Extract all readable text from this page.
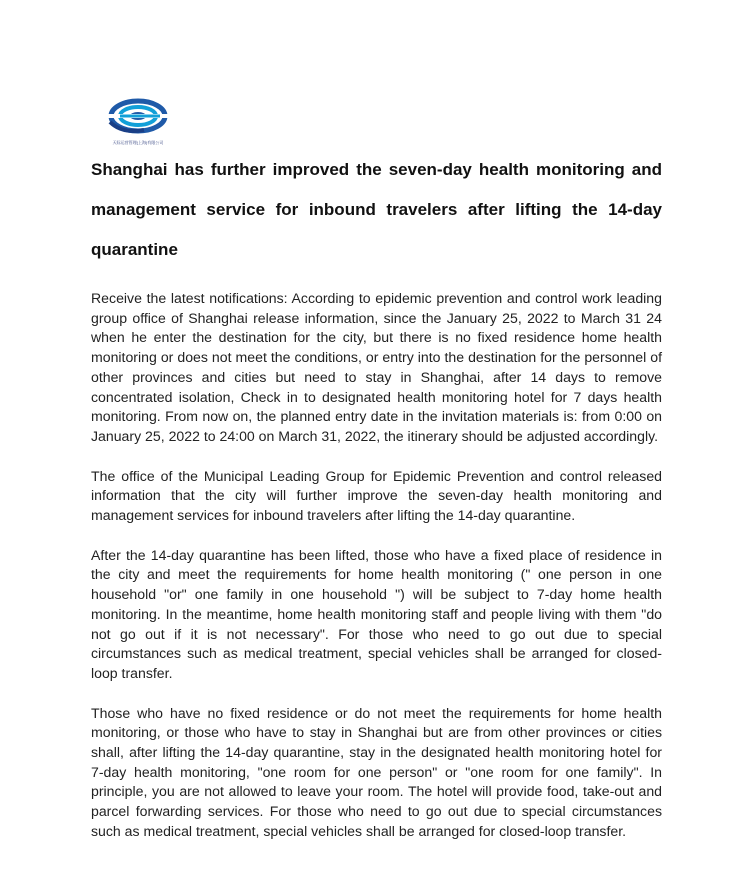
天际运营管理(上海)有限公司
Shanghai has further improved the seven-day health monitoring and management service for inbound travelers after lifting the 14-day quarantine

Receive the latest notifications: According to epidemic prevention and control work leading group office of Shanghai release information, since the January 25, 2022 to March 31 24 when he enter the destination for the city, but there is no fixed residence home health monitoring or does not meet the conditions, or entry into the destination for the personnel of other provinces and cities but need to stay in Shanghai, after 14 days to remove concentrated isolation, Check in to designated health monitoring hotel for 7 days health monitoring. From now on, the planned entry date in the invitation materials is: from 0:00 on January 25, 2022 to 24:00 on March 31, 2022, the itinerary should be adjusted accordingly.

The office of the Municipal Leading Group for Epidemic Prevention and control released information that the city will further improve the seven-day health monitoring and management services for inbound travelers after lifting the 14-day quarantine.

After the 14-day quarantine has been lifted, those who have a fixed place of residence in the city and meet the requirements for home health monitoring (" one person in one household "or" one family in one household ") will be subject to 7-day home health monitoring. In the meantime, home health monitoring staff and people living with them "do not go out if it is not necessary". For those who need to go out due to special circumstances such as medical treatment, special vehicles shall be arranged for closed-loop transfer.

Those who have no fixed residence or do not meet the requirements for home health monitoring, or those who have to stay in Shanghai but are from other provinces or cities shall, after lifting the 14-day quarantine, stay in the designated health monitoring hotel for 7-day health monitoring, "one room for one person" or "one room for one family". In principle, you are not allowed to leave your room. The hotel will provide food, take-out and parcel forwarding services. For those who need to go out due to special circumstances such as medical treatment, special vehicles shall be arranged for closed-loop transfer.
